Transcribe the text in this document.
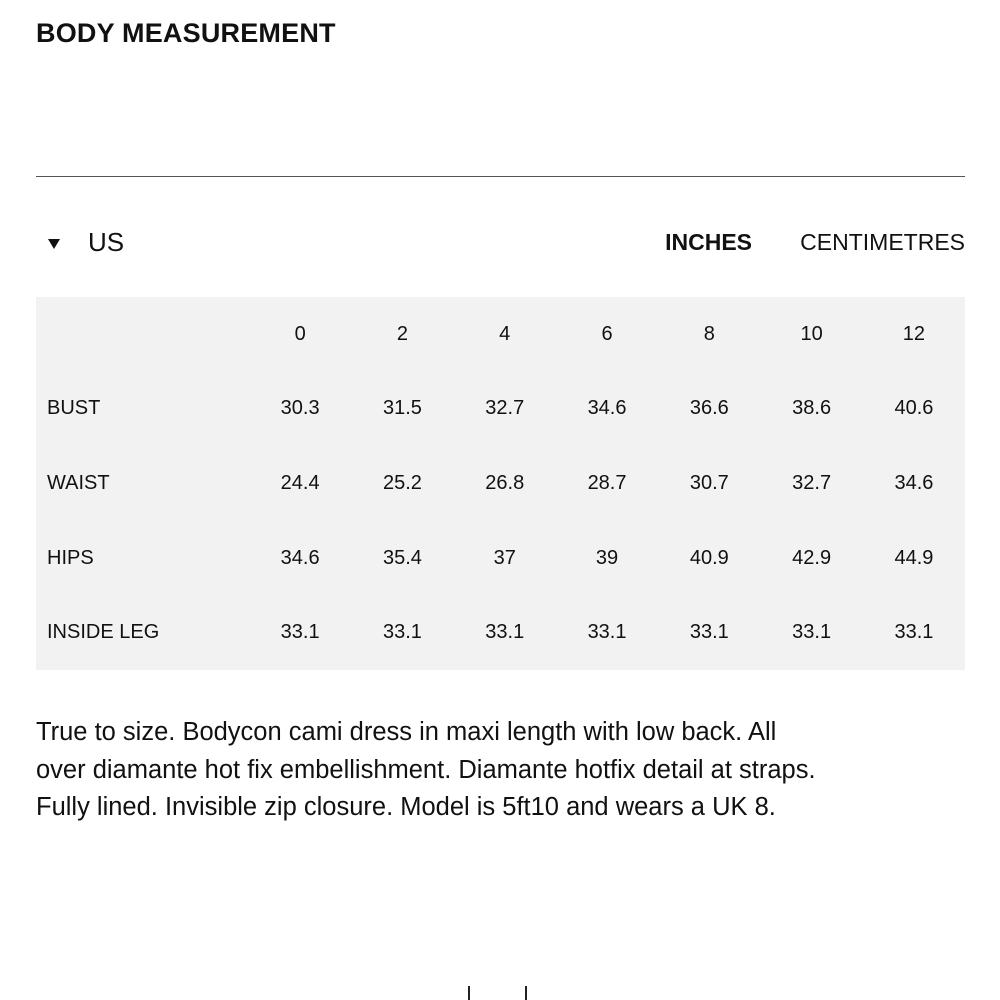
BODY MEASUREMENT
US	INCHES CENTIMETRES
	0	2	4	6	8	10	12
BUST	30.3	31.5	32.7	34.6	36.6	38.6	40.6
WAIST	24.4	25.2	26.8	28.7	30.7	32.7	34.6
HIPS	34.6	35.4	37	39	40.9	42.9	44.9
INSIDE LEG	33.1	33.1	33.1	33.1	33.1	33.1	33.1
True to size. Bodycon cami dress in maxi length with low back. All over diamante hot fix embellishment. Diamante hotfix detail at straps. Fully lined. Invisible zip closure. Model is 5ft10 and wears a UK 8.
